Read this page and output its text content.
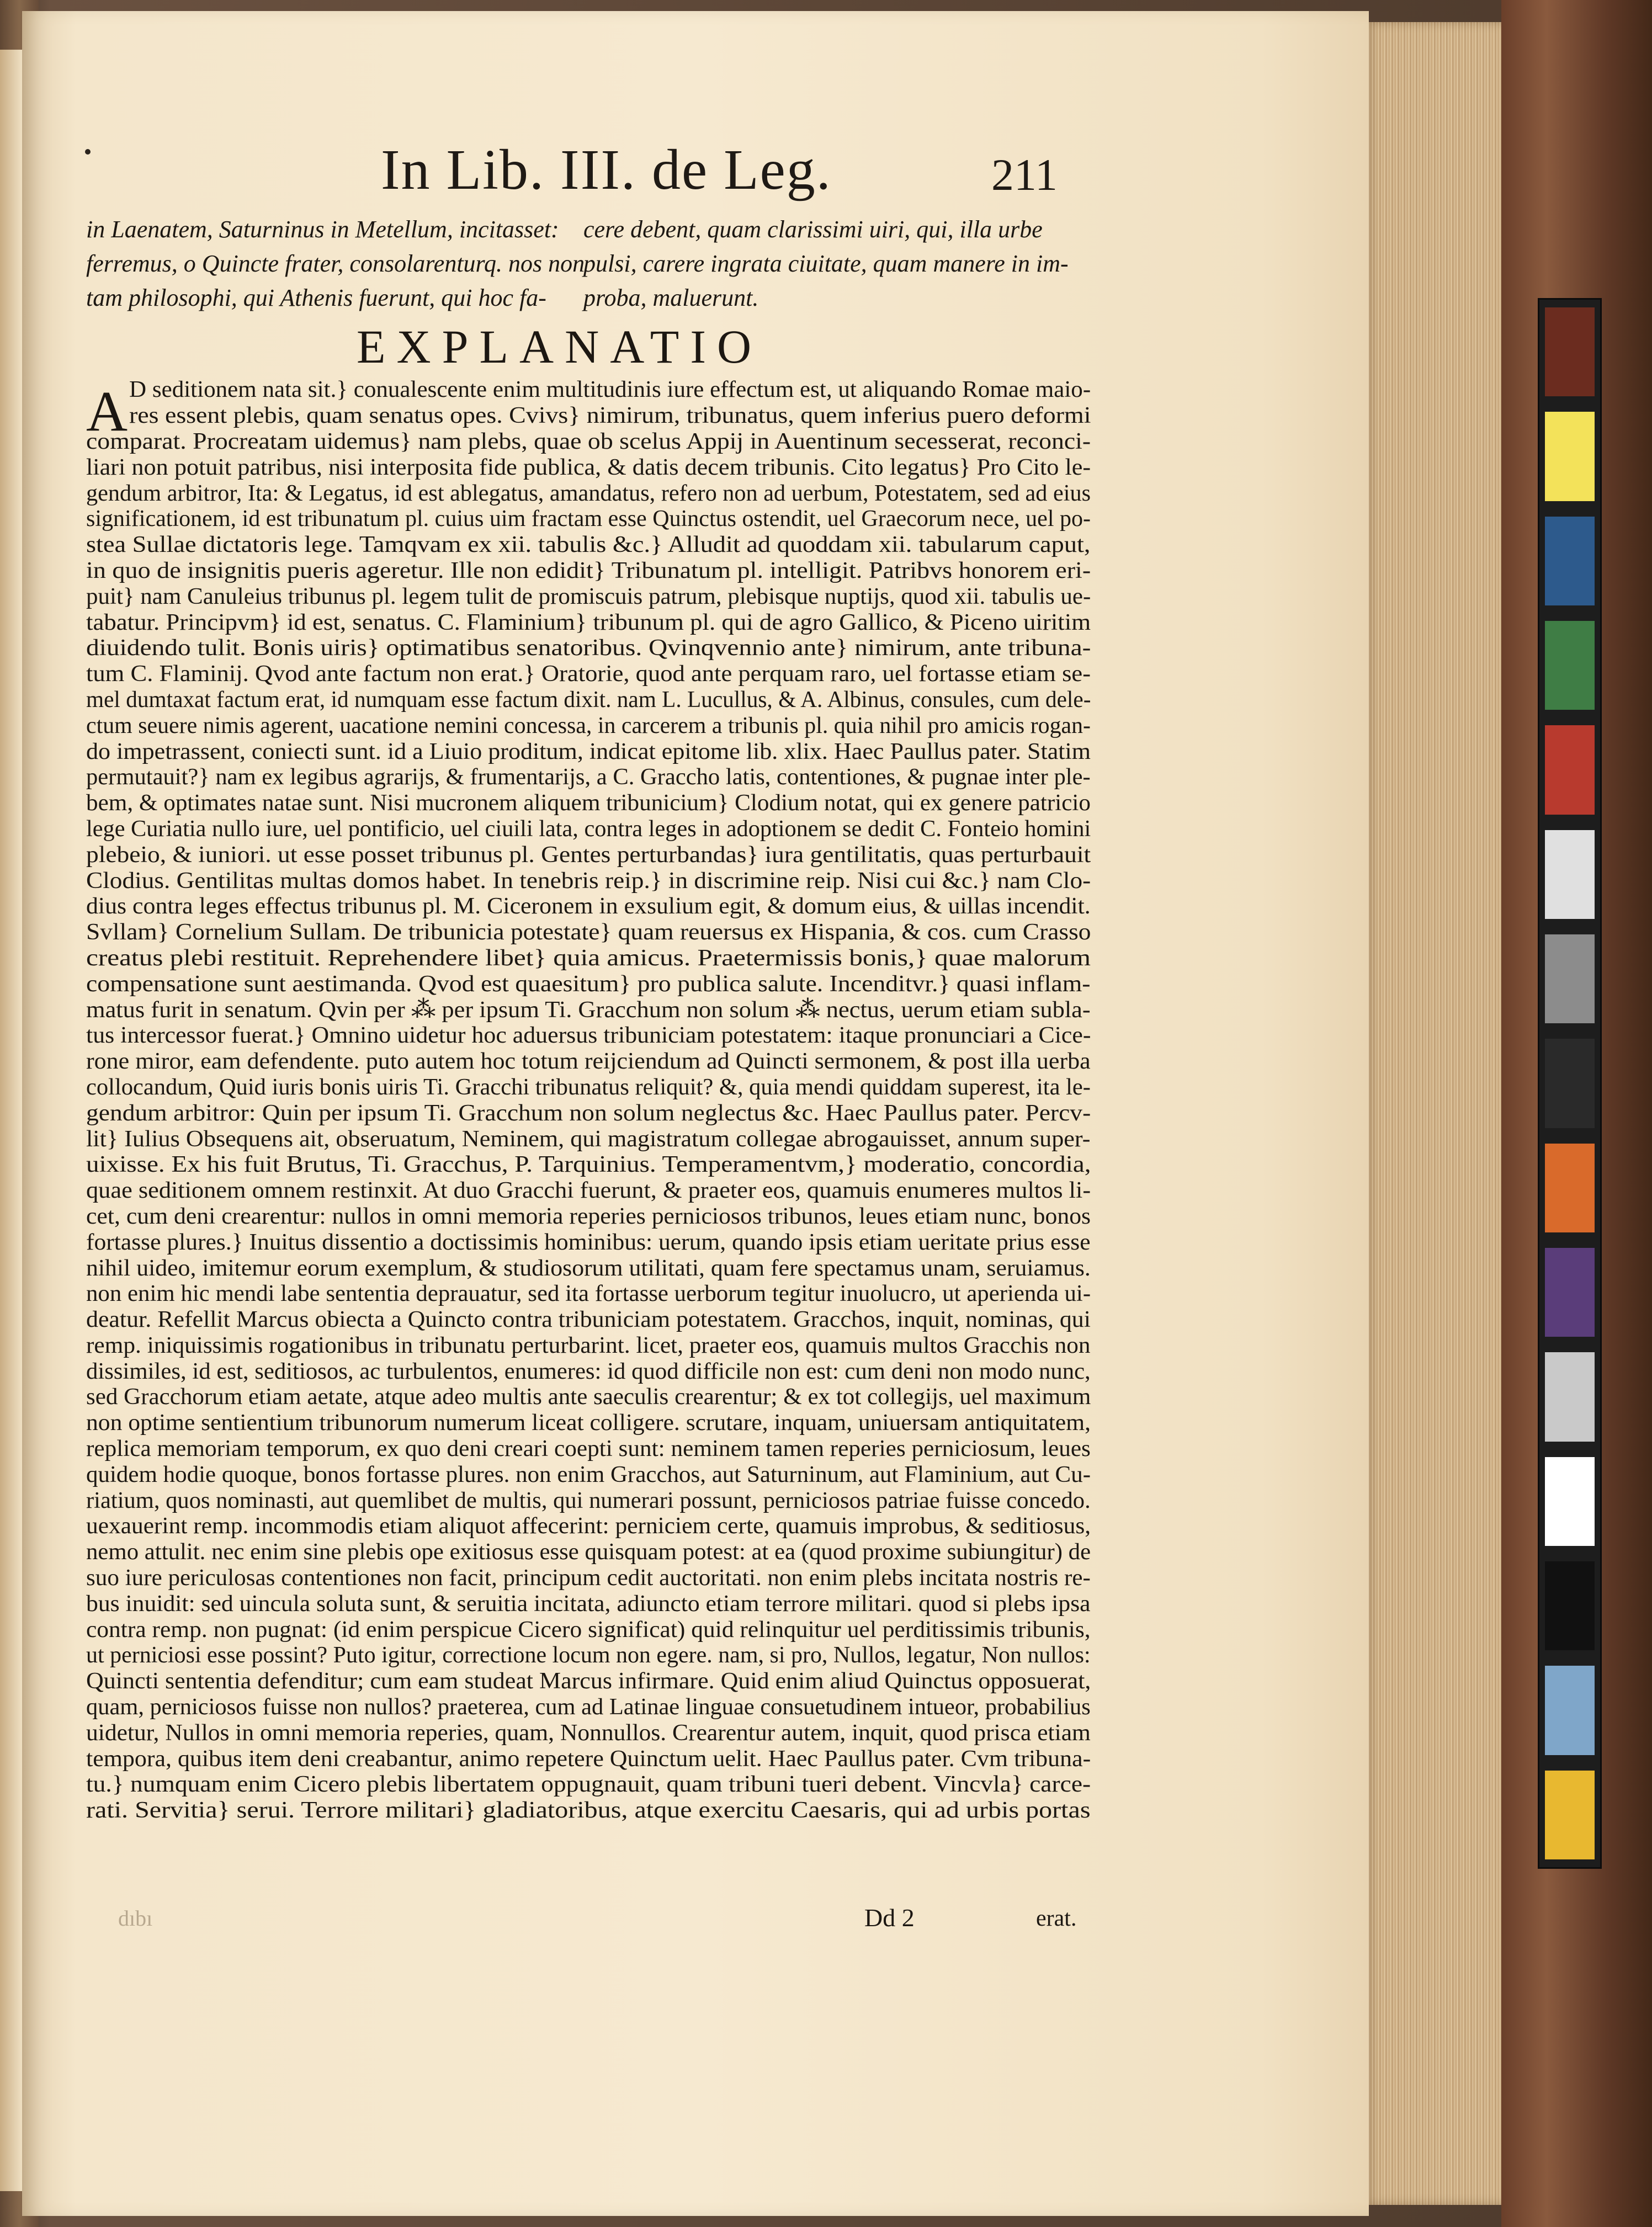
In Lib. III. de Leg.	211
in Laenatem, Saturninus in Metellum, incitasset:
ferremus, o Quincte frater, consolarenturq. nos non
tam philosophi, qui Athenis fuerunt, qui hoc fa-
cere debent, quam clarissimi uiri, qui, illa urbe
pulsi, carere ingrata ciuitate, quam manere in im-
proba, maluerunt.
EXPLANATIO
A D seditionem nata sit.} conualescente enim multitudinis iure effectum est, ut aliquando Romae maio-
res essent plebis, quam senatus opes. Cvivs} nimirum, tribunatus, quem inferius puero deformi
comparat. Procreatam uidemus} nam plebs, quae ob scelus Appij in Auentinum secesserat, reconci-
liari non potuit patribus, nisi interposita fide publica, & datis decem tribunis. Cito legatus} Pro Cito le-
gendum arbitror, Ita: & Legatus, id est ablegatus, amandatus, refero non ad uerbum, Potestatem, sed ad eius
significationem, id est tribunatum pl. cuius uim fractam esse Quinctus ostendit, uel Graecorum nece, uel po-
stea Sullae dictatoris lege. Tamqvam ex xii. tabulis &c.} Alludit ad quoddam xii. tabularum caput,
in quo de insignitis pueris ageretur. Ille non edidit} Tribunatum pl. intelligit. Patribvs honorem eri-
puit} nam Canuleius tribunus pl. legem tulit de promiscuis patrum, plebisque nuptijs, quod xii. tabulis ue-
tabatur. Principvm} id est, senatus. C. Flaminium} tribunum pl. qui de agro Gallico, & Piceno uiritim
diuidendo tulit. Bonis uiris} optimatibus senatoribus. Qvinqvennio ante} nimirum, ante tribuna-
tum C. Flaminij. Qvod ante factum non erat.} Oratorie, quod ante perquam raro, uel fortasse etiam se-
mel dumtaxat factum erat, id numquam esse factum dixit. nam L. Lucullus, & A. Albinus, consules, cum dele-
ctum seuere nimis agerent, uacatione nemini concessa, in carcerem a tribunis pl. quia nihil pro amicis rogan-
do impetrassent, coniecti sunt. id a Liuio proditum, indicat epitome lib. xlix. Haec Paullus pater. Statim
permutauit?} nam ex legibus agrarijs, & frumentarijs, a C. Graccho latis, contentiones, & pugnae inter ple-
bem, & optimates natae sunt. Nisi mucronem aliquem tribunicium} Clodium notat, qui ex genere patricio
lege Curiatia nullo iure, uel pontificio, uel ciuili lata, contra leges in adoptionem se dedit C. Fonteio homini
plebeio, & iuniori. ut esse posset tribunus pl. Gentes perturbandas} iura gentilitatis, quas perturbauit
Clodius. Gentilitas multas domos habet. In tenebris reip.} in discrimine reip. Nisi cui &c.} nam Clo-
dius contra leges effectus tribunus pl. M. Ciceronem in exsulium egit, & domum eius, & uillas incendit.
Svllam} Cornelium Sullam. De tribunicia potestate} quam reuersus ex Hispania, & cos. cum Crasso
creatus plebi restituit. Reprehendere libet} quia amicus. Praetermissis bonis,} quae malorum
compensatione sunt aestimanda. Qvod est quaesitum} pro publica salute. Incenditvr.} quasi inflam-
matus furit in senatum. Qvin per ⁂ per ipsum Ti. Gracchum non solum ⁂ nectus, uerum etiam subla-
tus intercessor fuerat.} Omnino uidetur hoc aduersus tribuniciam potestatem: itaque pronunciari a Cice-
rone miror, eam defendente. puto autem hoc totum reijciendum ad Quincti sermonem, & post illa uerba
collocandum, Quid iuris bonis uiris Ti. Gracchi tribunatus reliquit? &, quia mendi quiddam superest, ita le-
gendum arbitror: Quin per ipsum Ti. Gracchum non solum neglectus &c. Haec Paullus pater. Percv-
lit} Iulius Obsequens ait, obseruatum, Neminem, qui magistratum collegae abrogauisset, annum super-
uixisse. Ex his fuit Brutus, Ti. Gracchus, P. Tarquinius. Temperamentvm,} moderatio, concordia,
quae seditionem omnem restinxit. At duo Gracchi fuerunt, & praeter eos, quamuis enumeres multos li-
cet, cum deni crearentur: nullos in omni memoria reperies perniciosos tribunos, leues etiam nunc, bonos
fortasse plures.} Inuitus dissentio a doctissimis hominibus: uerum, quando ipsis etiam ueritate prius esse
nihil uideo, imitemur eorum exemplum, & studiosorum utilitati, quam fere spectamus unam, seruiamus.
non enim hic mendi labe sententia deprauatur, sed ita fortasse uerborum tegitur inuolucro, ut aperienda ui-
deatur. Refellit Marcus obiecta a Quincto contra tribuniciam potestatem. Gracchos, inquit, nominas, qui
remp. iniquissimis rogationibus in tribunatu perturbarint. licet, praeter eos, quamuis multos Gracchis non
dissimiles, id est, seditiosos, ac turbulentos, enumeres: id quod difficile non est: cum deni non modo nunc,
sed Gracchorum etiam aetate, atque adeo multis ante saeculis crearentur; & ex tot collegijs, uel maximum
non optime sentientium tribunorum numerum liceat colligere. scrutare, inquam, uniuersam antiquitatem,
replica memoriam temporum, ex quo deni creari coepti sunt: neminem tamen reperies perniciosum, leues
quidem hodie quoque, bonos fortasse plures. non enim Gracchos, aut Saturninum, aut Flaminium, aut Cu-
riatium, quos nominasti, aut quemlibet de multis, qui numerari possunt, perniciosos patriae fuisse concedo.
uexauerint remp. incommodis etiam aliquot affecerint: perniciem certe, quamuis improbus, & seditiosus,
nemo attulit. nec enim sine plebis ope exitiosus esse quisquam potest: at ea (quod proxime subiungitur) de
suo iure periculosas contentiones non facit, principum cedit auctoritati. non enim plebs incitata nostris re-
bus inuidit: sed uincula soluta sunt, & seruitia incitata, adiuncto etiam terrore militari. quod si plebs ipsa
contra remp. non pugnat: (id enim perspicue Cicero significat) quid relinquitur uel perditissimis tribunis,
ut perniciosi esse possint? Puto igitur, correctione locum non egere. nam, si pro, Nullos, legatur, Non nullos:
Quincti sententia defenditur; cum eam studeat Marcus infirmare. Quid enim aliud Quinctus opposuerat,
quam, perniciosos fuisse non nullos? praeterea, cum ad Latinae linguae consuetudinem intueor, probabilius
uidetur, Nullos in omni memoria reperies, quam, Nonnullos. Crearentur autem, inquit, quod prisca etiam
tempora, quibus item deni creabantur, animo repetere Quinctum uelit. Haec Paullus pater. Cvm tribuna-
tu.} numquam enim Cicero plebis libertatem oppugnauit, quam tribuni tueri debent. Vincvla} carce-
rati. Servitia} serui. Terrore militari} gladiatoribus, atque exercitu Caesaris, qui ad urbis portas
dıbı	Dd 2	erat.
